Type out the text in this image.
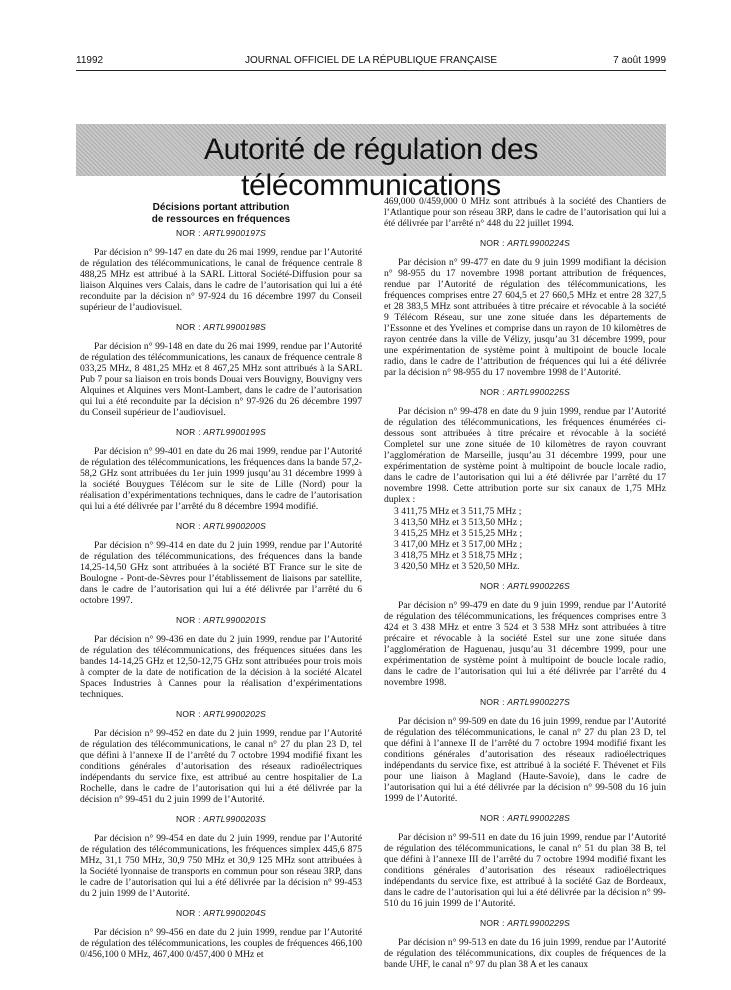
11992	JOURNAL OFFICIEL DE LA RÉPUBLIQUE FRANÇAISE	7 août 1999
Autorité de régulation des télécommunications
Décisions portant attribution
de ressources en fréquences
NOR : ARTL9900197S

Par décision n° 99-147 en date du 26 mai 1999, rendue par l’Autorité de régulation des télécommunications, le canal de fréquence centrale 8 488,25 MHz est attribué à la SARL Littoral Société-Diffusion pour sa liaison Alquines vers Calais, dans le cadre de l’autorisation qui lui a été reconduite par la décision n° 97-924 du 16 décembre 1997 du Conseil supérieur de l’audiovisuel.

NOR : ARTL9900198S

Par décision n° 99-148 en date du 26 mai 1999, rendue par l’Autorité de régulation des télécommunications, les canaux de fréquence centrale 8 033,25 MHz, 8 481,25 MHz et 8 467,25 MHz sont attribués à la SARL Pub 7 pour sa liaison en trois bonds Douai vers Bouvigny, Bouvigny vers Alquines et Alquines vers Mont-Lambert, dans le cadre de l’autorisation qui lui a été reconduite par la décision n° 97-926 du 26 décembre 1997 du Conseil supérieur de l’audiovisuel.

NOR : ARTL9900199S

Par décision n° 99-401 en date du 26 mai 1999, rendue par l’Autorité de régulation des télécommunications, les fréquences dans la bande 57,2-58,2 GHz sont attribuées du 1er juin 1999 jusqu’au 31 décembre 1999 à la société Bouygues Télécom sur le site de Lille (Nord) pour la réalisation d’expérimentations techniques, dans le cadre de l’autorisation qui lui a été délivrée par l’arrêté du 8 décembre 1994 modifié.

NOR : ARTL9900200S

Par décision n° 99-414 en date du 2 juin 1999, rendue par l’Autorité de régulation des télécommunications, des fréquences dans la bande 14,25-14,50 GHz sont attribuées à la société BT France sur le site de Boulogne - Pont-de-Sèvres pour l’établissement de liaisons par satellite, dans le cadre de l’autorisation qui lui a été délivrée par l’arrêté du 6 octobre 1997.

NOR : ARTL9900201S

Par décision n° 99-436 en date du 2 juin 1999, rendue par l’Autorité de régulation des télécommunications, des fréquences situées dans les bandes 14-14,25 GHz et 12,50-12,75 GHz sont attribuées pour trois mois à compter de la date de notification de la décision à la société Alcatel Spaces Industries à Cannes pour la réalisation d’expérimentations techniques.

NOR : ARTL9900202S

Par décision n° 99-452 en date du 2 juin 1999, rendue par l’Autorité de régulation des télécommunications, le canal n° 27 du plan 23 D, tel que défini à l’annexe II de l’arrêté du 7 octobre 1994 modifié fixant les conditions générales d’autorisation des réseaux radioélectriques indépendants du service fixe, est attribué au centre hospitalier de La Rochelle, dans le cadre de l’autorisation qui lui a été délivrée par la décision n° 99-451 du 2 juin 1999 de l’Autorité.

NOR : ARTL9900203S

Par décision n° 99-454 en date du 2 juin 1999, rendue par l’Autorité de régulation des télécommunications, les fréquences simplex 445,6 875 MHz, 31,1 750 MHz, 30,9 750 MHz et 30,9 125 MHz sont attribuées à la Société lyonnaise de transports en commun pour son réseau 3RP, dans le cadre de l’autorisation qui lui a été délivrée par la décision n° 99-453 du 2 juin 1999 de l’Autorité.

NOR : ARTL9900204S

Par décision n° 99-456 en date du 2 juin 1999, rendue par l’Autorité de régulation des télécommunications, les couples de fréquences 466,100 0/456,100 0 MHz, 467,400 0/457,400 0 MHz et

469,000 0/459,000 0 MHz sont attribués à la société des Chantiers de l’Atlantique pour son réseau 3RP, dans le cadre de l’autorisation qui lui a été délivrée par l’arrêté n° 448 du 22 juillet 1994.

NOR : ARTL9900224S

Par décision n° 99-477 en date du 9 juin 1999 modifiant la décision n° 98-955 du 17 novembre 1998 portant attribution de fréquences, rendue par l’Autorité de régulation des télécommunications, les fréquences comprises entre 27 604,5 et 27 660,5 MHz et entre 28 327,5 et 28 383,5 MHz sont attribuées à titre précaire et révocable à la société 9 Télécom Réseau, sur une zone située dans les départements de l’Essonne et des Yvelines et comprise dans un rayon de 10 kilomètres de rayon centrée dans la ville de Vélizy, jusqu’au 31 décembre 1999, pour une expérimentation de système point à multipoint de boucle locale radio, dans le cadre de l’attribution de fréquences qui lui a été délivrée par la décision n° 98-955 du 17 novembre 1998 de l’Autorité.

NOR : ARTL9900225S

Par décision n° 99-478 en date du 9 juin 1999, rendue par l’Autorité de régulation des télécommunications, les fréquences énumérées ci-dessous sont attribuées à titre précaire et révocable à la société Completel sur une zone située de 10 kilomètres de rayon couvrant l’agglomération de Marseille, jusqu’au 31 décembre 1999, pour une expérimentation de système point à multipoint de boucle locale radio, dans le cadre de l’autorisation qui lui a été délivrée par l’arrêté du 17 novembre 1998. Cette attribution porte sur six canaux de 1,75 MHz duplex :

3 411,75 MHz et 3 511,75 MHz ;
3 413,50 MHz et 3 513,50 MHz ;
3 415,25 MHz et 3 515,25 MHz ;
3 417,00 MHz et 3 517,00 MHz ;
3 418,75 MHz et 3 518,75 MHz ;
3 420,50 MHz et 3 520,50 MHz.
NOR : ARTL9900226S

Par décision n° 99-479 en date du 9 juin 1999, rendue par l’Autorité de régulation des télécommunications, les fréquences comprises entre 3 424 et 3 438 MHz et entre 3 524 et 3 538 MHz sont attribuées à titre précaire et révocable à la société Estel sur une zone située dans l’agglomération de Haguenau, jusqu’au 31 décembre 1999, pour une expérimentation de système point à multipoint de boucle locale radio, dans le cadre de l’autorisation qui lui a été délivrée par l’arrêté du 4 novembre 1998.

NOR : ARTL9900227S

Par décision n° 99-509 en date du 16 juin 1999, rendue par l’Autorité de régulation des télécommunications, le canal n° 27 du plan 23 D, tel que défini à l’annexe II de l’arrêté du 7 octobre 1994 modifié fixant les conditions générales d’autorisation des réseaux radioélectriques indépendants du service fixe, est attribué à la société F. Thévenet et Fils pour une liaison à Magland (Haute-Savoie), dans le cadre de l’autorisation qui lui a été délivrée par la décision n° 99-508 du 16 juin 1999 de l’Autorité.

NOR : ARTL9900228S

Par décision n° 99-511 en date du 16 juin 1999, rendue par l’Autorité de régulation des télécommunications, le canal n° 51 du plan 38 B, tel que défini à l’annexe III de l’arrêté du 7 octobre 1994 modifié fixant les conditions générales d’autorisation des réseaux radioélectriques indépendants du service fixe, est attribué à la société Gaz de Bordeaux, dans le cadre de l’autorisation qui lui a été délivrée par la décision n° 99-510 du 16 juin 1999 de l’Autorité.

NOR : ARTL9900229S

Par décision n° 99-513 en date du 16 juin 1999, rendue par l’Autorité de régulation des télécommunications, dix couples de fréquences de la bande UHF, le canal n° 97 du plan 38 A et les canaux
